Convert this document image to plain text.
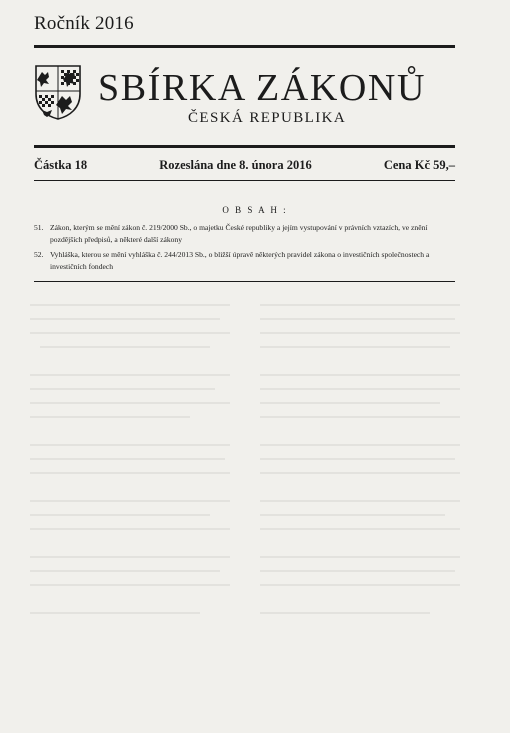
Ročník 2016
SBÍRKA ZÁKONŮ
ČESKÁ REPUBLIKA
Částka 18	Rozeslána dne 8. února 2016	Cena Kč 59,–
O B S A H :
51. Zákon, kterým se mění zákon č. 219/2000 Sb., o majetku České republiky a jejím vystupování v právních vztazích, ve znění pozdějších předpisů, a některé další zákony
52. Vyhláška, kterou se mění vyhláška č. 244/2013 Sb., o bližší úpravě některých pravidel zákona o investičních společnostech a investičních fondech
